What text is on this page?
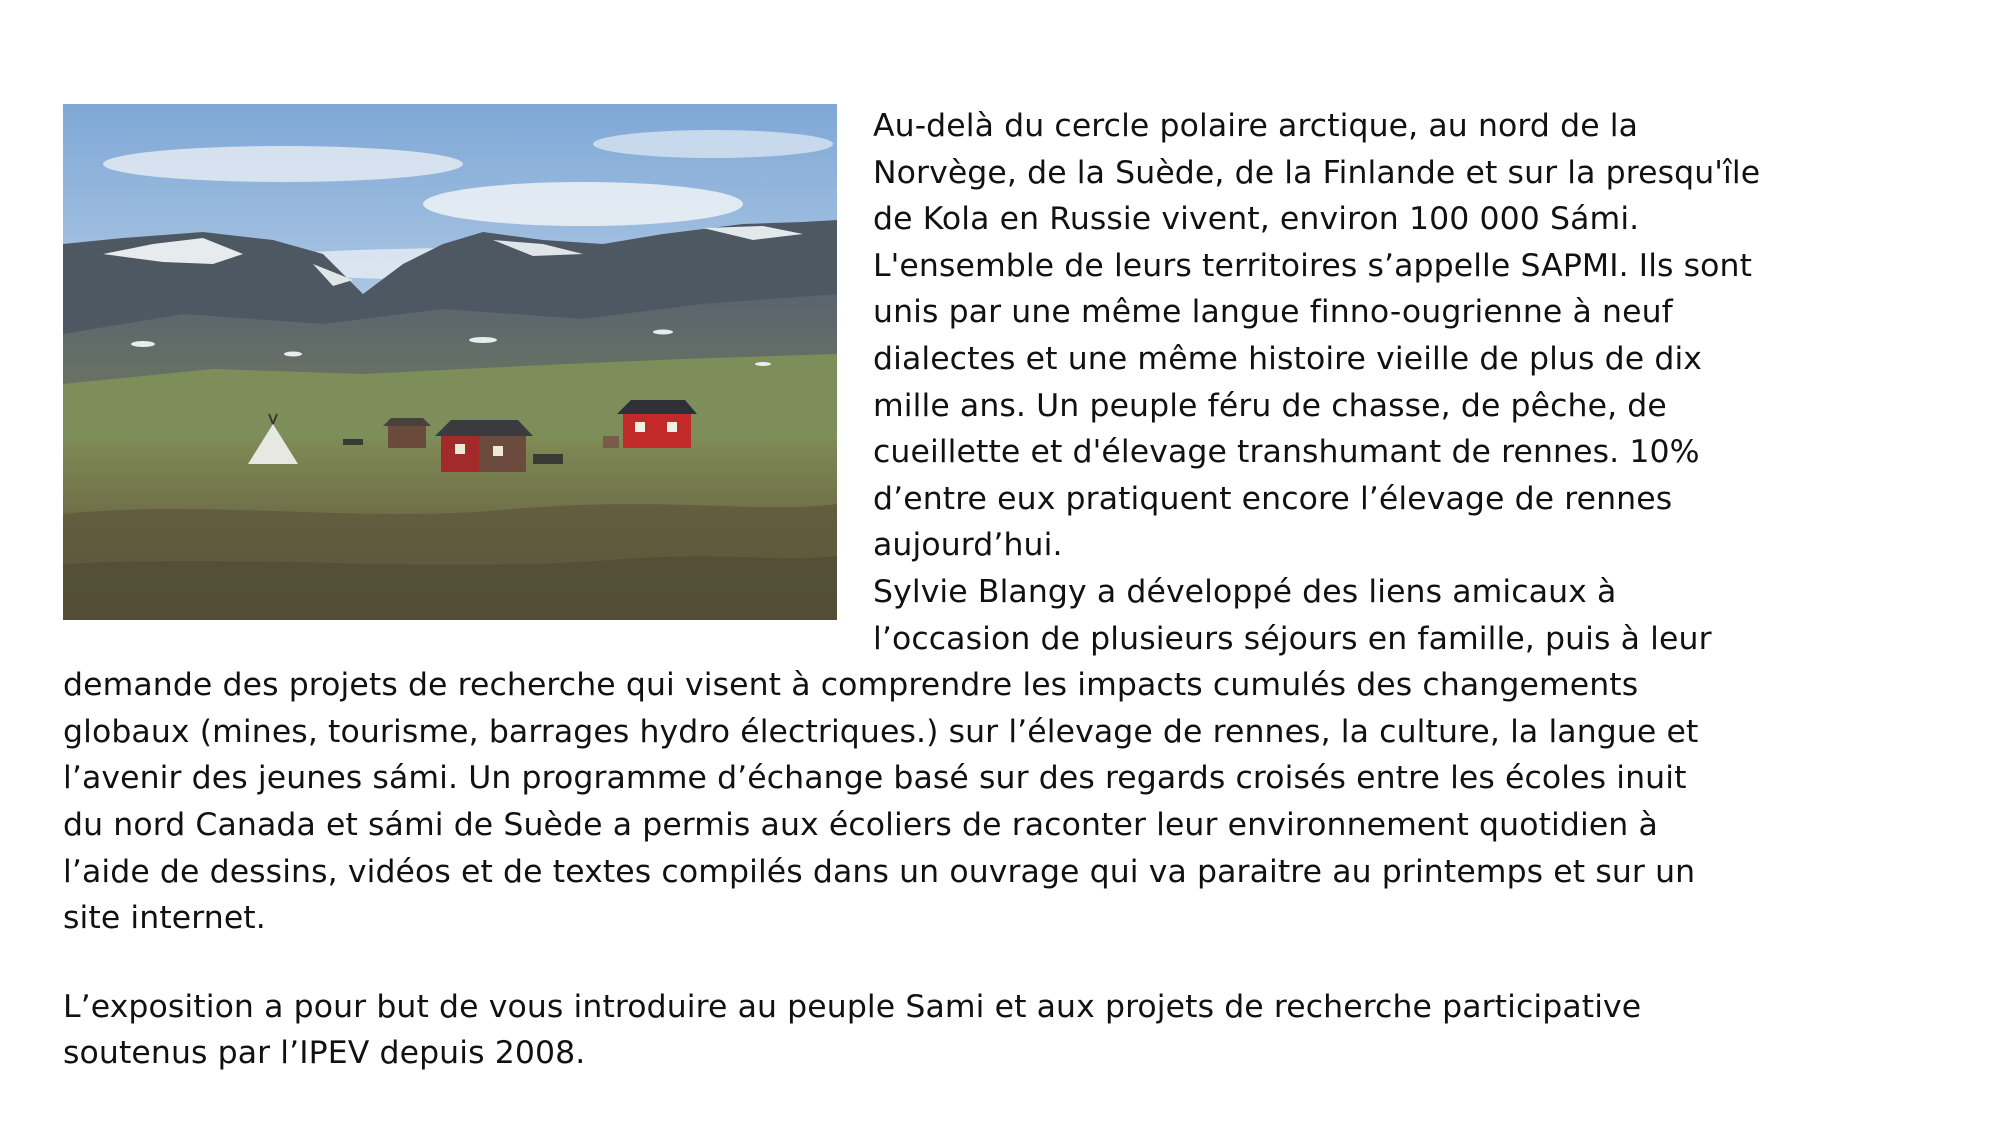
Au-delà du cercle polaire arctique, au nord de la
Norvège, de la Suède, de la Finlande et sur la presqu'île
de Kola en Russie vivent, environ 100 000 Sámi.
L'ensemble de leurs territoires s’appelle SAPMI. Ils sont
unis par une même langue finno-ougrienne à neuf
dialectes et une même histoire vieille de plus de dix
mille ans. Un peuple féru de chasse, de pêche, de
cueillette et d'élevage transhumant de rennes. 10%
d’entre eux pratiquent encore l’élevage de rennes
aujourd’hui.
Sylvie Blangy a développé des liens amicaux à
l’occasion de plusieurs séjours en famille, puis à leur
demande des projets de recherche qui visent à comprendre les impacts cumulés des changements
globaux (mines, tourisme, barrages hydro électriques.) sur l’élevage de rennes, la culture, la langue et
l’avenir des jeunes sámi. Un programme d’échange basé sur des regards croisés entre les écoles inuit
du nord Canada et sámi de Suède a permis aux écoliers de raconter leur environnement quotidien à
l’aide de dessins, vidéos et de textes compilés dans un ouvrage qui va paraitre au printemps et sur un
site internet.
L’exposition a pour but de vous introduire au peuple Sami et aux projets de recherche participative
soutenus par l’IPEV depuis 2008.
